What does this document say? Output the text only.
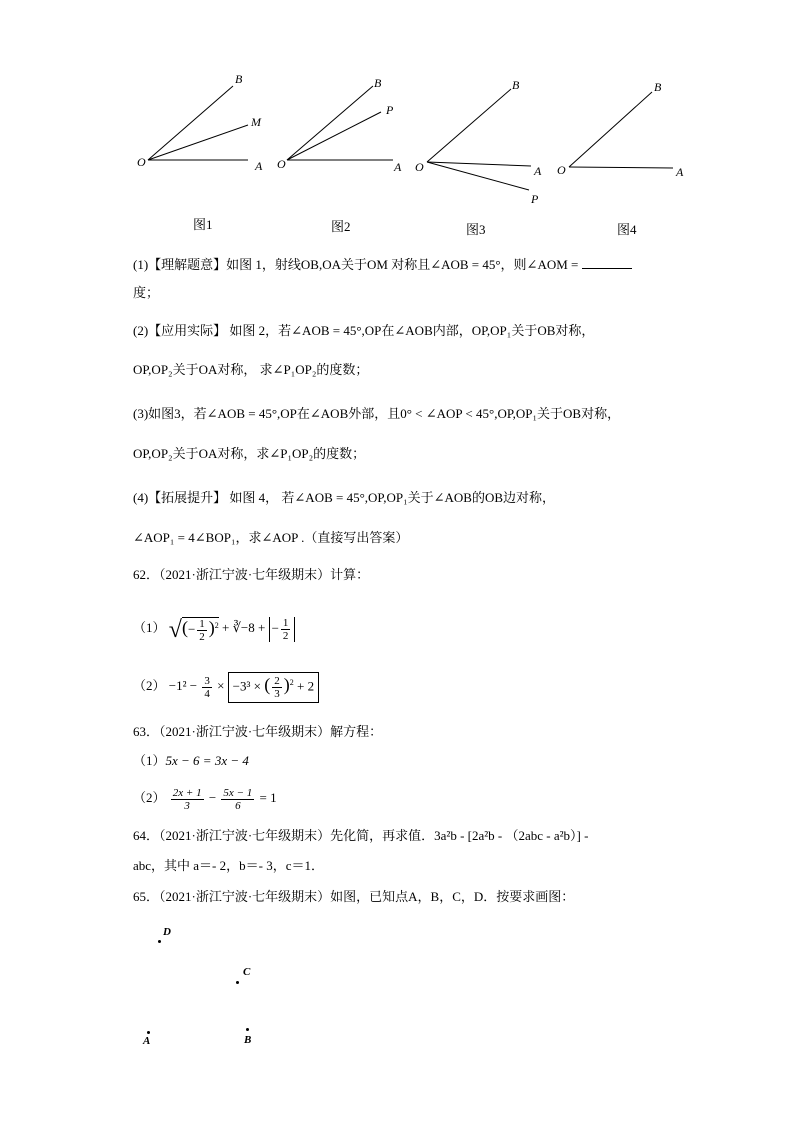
B
M
O	A
图1
B
P
O	A
图2
B
O	A
P
图3
B
O	A
图4
(1)【理解题意】如图 1，射线OB,OA关于OM 对称且∠AOB = 45°，则∠AOM =
度；
(2)【应用实际】 如图 2，若∠AOB = 45°,OP在∠AOB内部，OP,OP₁关于OB对称，
OP,OP₂关于OA对称， 求∠P₁OP₂的度数；
(3)如图3，若∠AOB = 45°,OP在∠AOB外部，且0° < ∠AOP < 45°,OP,OP₁关于OB对称，
OP,OP₂关于OA对称，求∠P₁OP₂的度数；
(4)【拓展提升】 如图 4， 若∠AOB = 45°,OP,OP₁关于∠AOB的OB边对称，
∠AOP₁ = 4∠BOP₁，求∠AOP .（直接写出答案）
62．（2021·浙江宁波·七年级期末）计算：
（1） √(− $\frac{1}{2} )^2$ + ∛−8 + − $\frac{1}{2}$
$(2) -1^2 - \frac{3}{4} \times -3^3$ × ( $\frac{2}{3} )^2 + 2$
63．（2021·浙江宁波·七年级期末）解方程：
（1）5x − 6 = 3x − 4
$(2) \frac{2x + 1}{3} - \frac{5x - 1}{6} = 1$
64．（2021·浙江宁波·七年级期末）先化简，再求值．3a²b - [2a²b - （2abc - a²b）] -
abc，其中 a＝- 2，b＝- 3，c＝1．
65．（2021·浙江宁波·七年级期末）如图，已知点A，B，C，D．按要求画图：
D
C
A	B
